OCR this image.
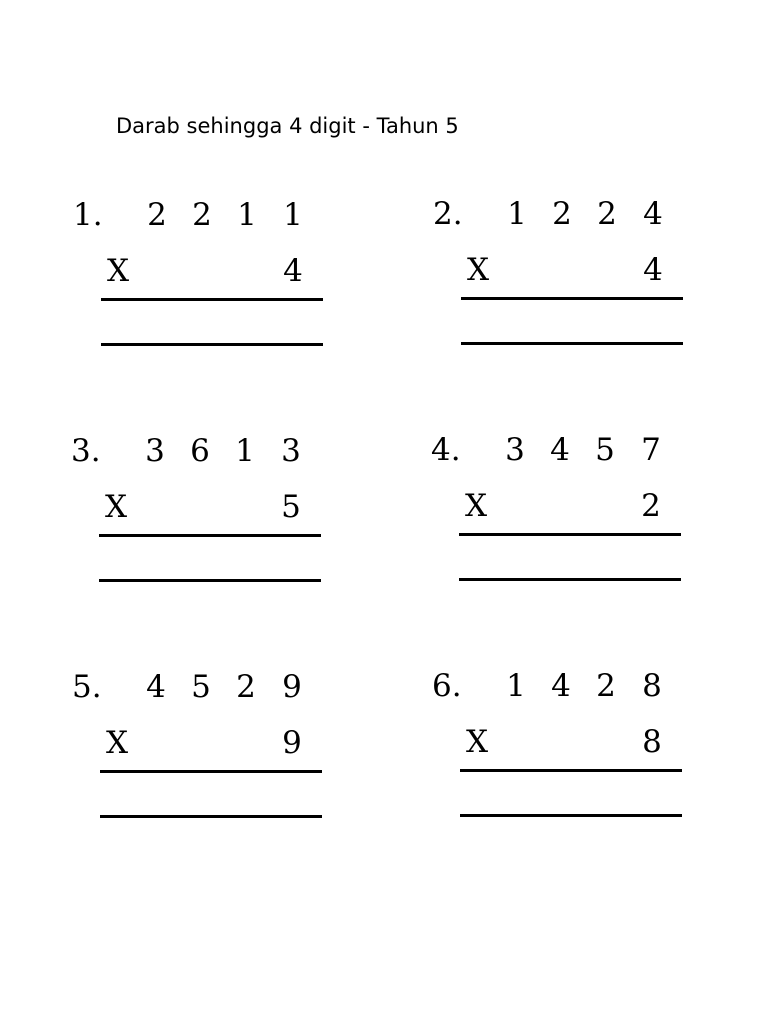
Darab sehingga 4 digit - Tahun 5
1. 2 2 1 1
X	4
2. 1 2 2 4
X	4
3. 3 6 1 3
X	5
4. 3 4 5 7
X	2
5. 4 5 2 9
X	9
6. 1 4 2 8
X	8
